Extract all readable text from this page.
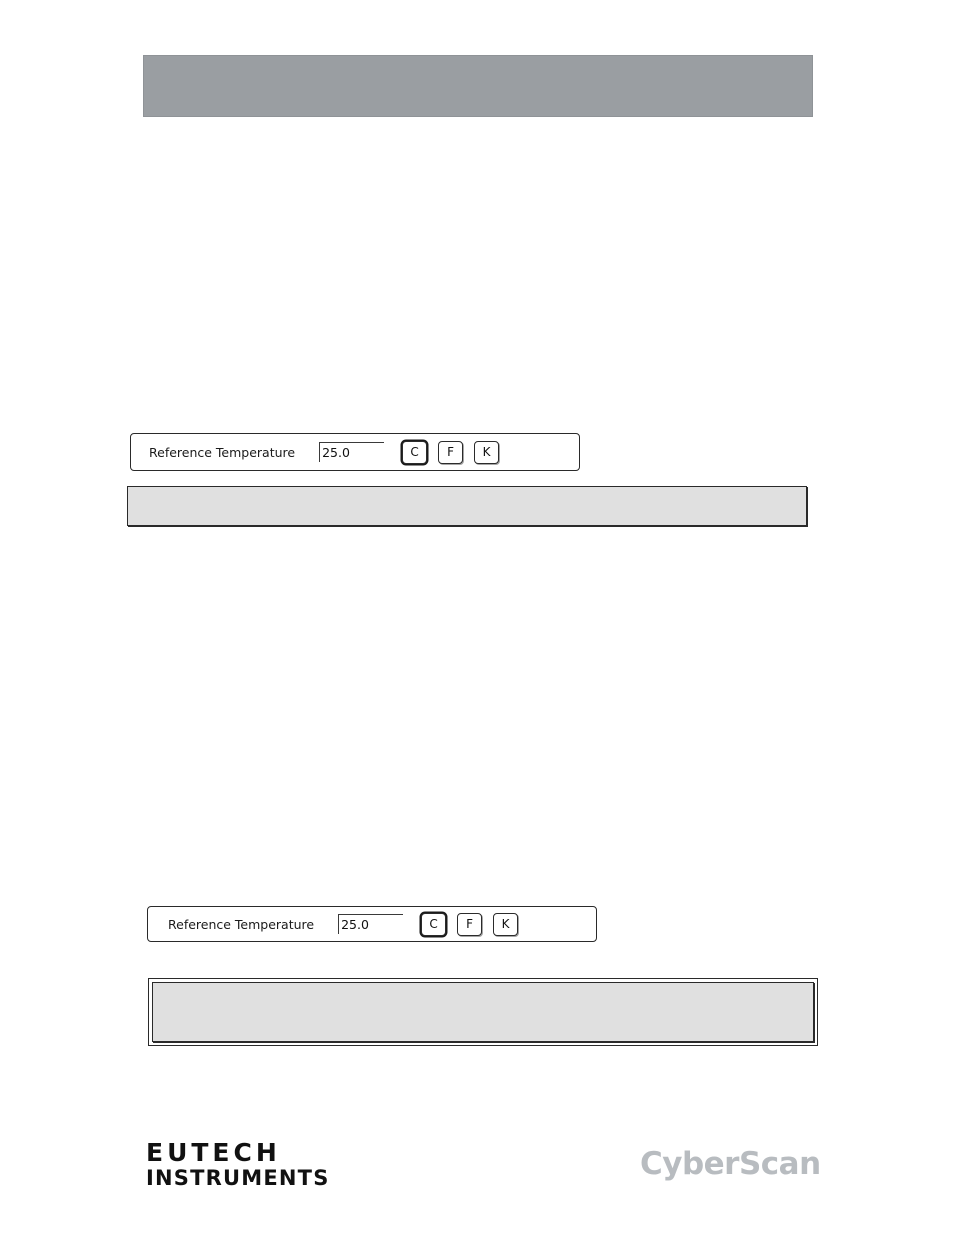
Reference Temperature 25.0	C	F	K
Reference Temperature 25.0	C	F	K
EUTECH
INSTRUMENTS	CyberScan
